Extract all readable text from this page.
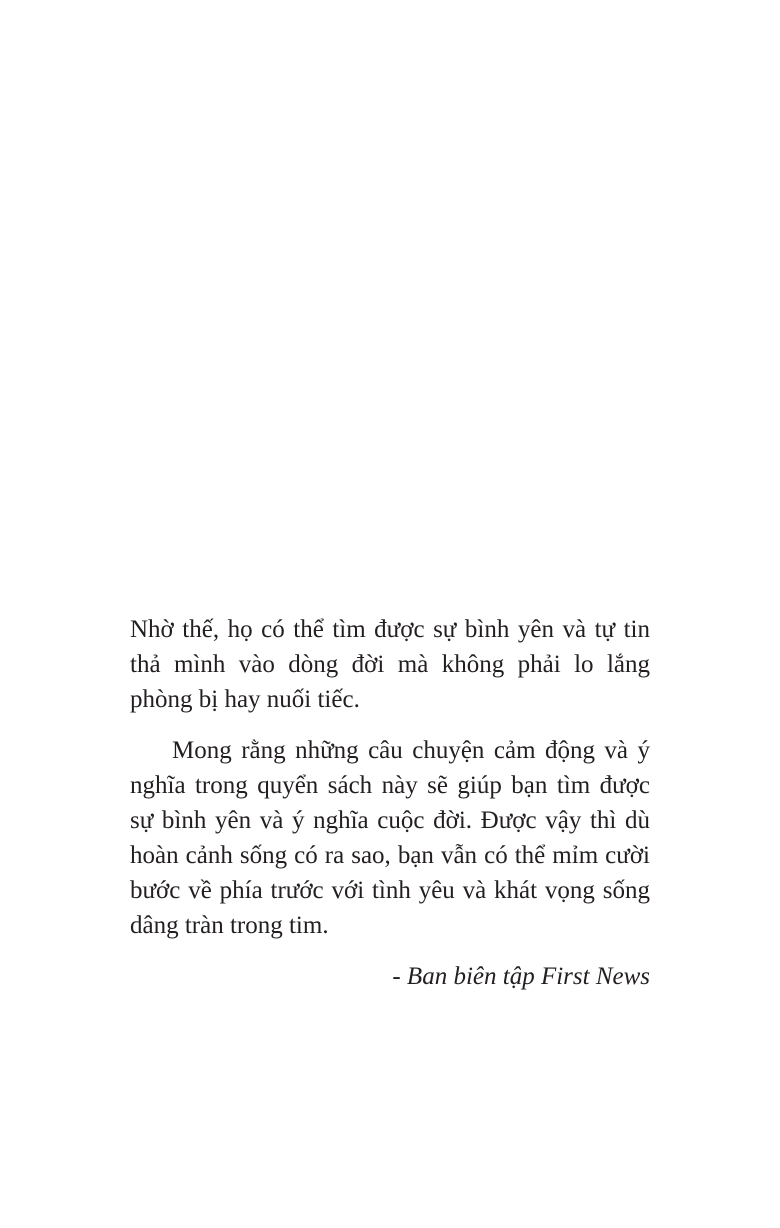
Nhờ thế, họ có thể tìm được sự bình yên và tự tin thả mình vào dòng đời mà không phải lo lắng phòng bị hay nuối tiếc.

Mong rằng những câu chuyện cảm động và ý nghĩa trong quyển sách này sẽ giúp bạn tìm được sự bình yên và ý nghĩa cuộc đời. Được vậy thì dù hoàn cảnh sống có ra sao, bạn vẫn có thể mỉm cười bước về phía trước với tình yêu và khát vọng sống dâng tràn trong tim.

- Ban biên tập First News
